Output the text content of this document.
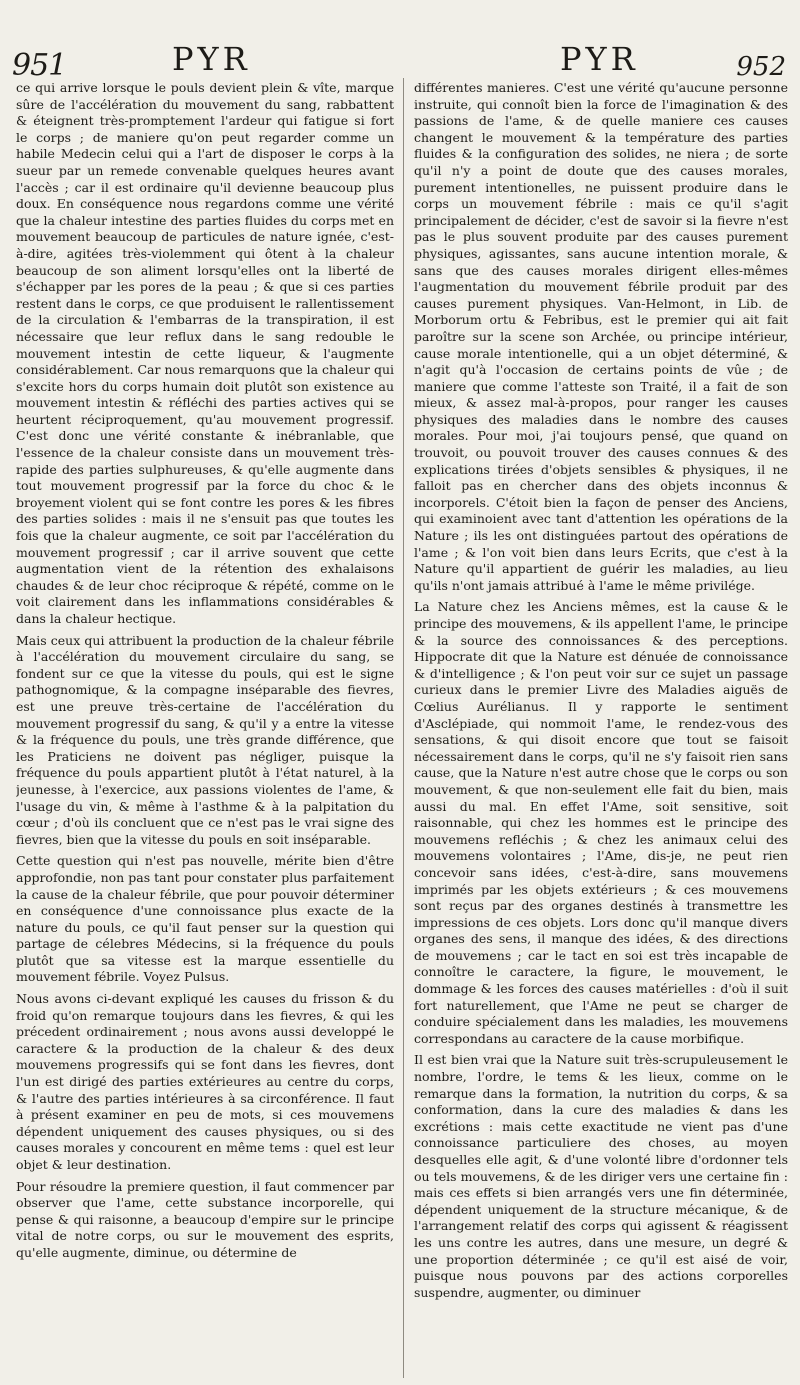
951	PYR	PYR	952

ce qui arrive lorsque le pouls devient plein & vîte, marque sûre de l'accélération du mouvement du sang, rabbattent & éteignent très-promptement l'ardeur qui fatigue si fort le corps ; de maniere qu'on peut regarder comme un habile Medecin celui qui a l'art de disposer le corps à la sueur par un remede convenable quelques heures avant l'accès ; car il est ordinaire qu'il devienne beaucoup plus doux. En conséquence nous regardons comme une vérité que la chaleur intestine des parties fluides du corps met en mouvement beaucoup de particules de nature ignée, c'est-à-dire, agitées très-violemment qui ôtent à la chaleur beaucoup de son aliment lorsqu'elles ont la liberté de s'échapper par les pores de la peau ; & que si ces parties restent dans le corps, ce que produisent le rallentissement de la circulation & l'embarras de la transpiration, il est nécessaire que leur reflux dans le sang redouble le mouvement intestin de cette liqueur, & l'augmente considérablement. Car nous remarquons que la chaleur qui s'excite hors du corps humain doit plutôt son existence au mouvement intestin & réfléchi des parties actives qui se heurtent réciproquement, qu'au mouvement progressif. C'est donc une vérité constante & inébranlable, que l'essence de la chaleur consiste dans un mouvement très-rapide des parties sulphureuses, & qu'elle augmente dans tout mouvement progressif par la force du choc & le broyement violent qui se font contre les pores & les fibres des parties solides : mais il ne s'ensuit pas que toutes les fois que la chaleur augmente, ce soit par l'accélération du mouvement progressif ; car il arrive souvent que cette augmentation vient de la rétention des exhalaisons chaudes & de leur choc réciproque & répété, comme on le voit clairement dans les inflammations considérables & dans la chaleur hectique.

Mais ceux qui attribuent la production de la chaleur fébrile à l'accélération du mouvement circulaire du sang, se fondent sur ce que la vitesse du pouls, qui est le signe pathognomique, & la compagne inséparable des fievres, est une preuve très-certaine de l'accélération du mouvement progressif du sang, & qu'il y a entre la vitesse & la fréquence du pouls, une très grande différence, que les Praticiens ne doivent pas négliger, puisque la fréquence du pouls appartient plutôt à l'état naturel, à la jeunesse, à l'exercice, aux passions violentes de l'ame, & l'usage du vin, & même à l'asthme & à la palpitation du cœur ; d'où ils concluent que ce n'est pas le vrai signe des fievres, bien que la vitesse du pouls en soit inséparable.

Cette question qui n'est pas nouvelle, mérite bien d'être approfondie, non pas tant pour constater plus parfaitement la cause de la chaleur fébrile, que pour pouvoir déterminer en conséquence d'une connoissance plus exacte de la nature du pouls, ce qu'il faut penser sur la question qui partage de célebres Médecins, si la fréquence du pouls plutôt que sa vitesse est la marque essentielle du mouvement fébrile. Voyez Pulsus.

Nous avons ci-devant expliqué les causes du frisson & du froid qu'on remarque toujours dans les fievres, & qui les précedent ordinairement ; nous avons aussi developpé le caractere & la production de la chaleur & des deux mouvemens progressifs qui se font dans les fievres, dont l'un est dirigé des parties extérieures au centre du corps, & l'autre des parties intérieures à sa circonférence. Il faut à présent examiner en peu de mots, si ces mouvemens dépendent uniquement des causes physiques, ou si des causes morales y concourent en même tems : quel est leur objet & leur destination.

Pour résoudre la premiere question, il faut commencer par observer que l'ame, cette substance incorporelle, qui pense & qui raisonne, a beaucoup d'empire sur le principe vital de notre corps, ou sur le mouvement des esprits, qu'elle augmente, diminue, ou détermine de

différentes manieres. C'est une vérité qu'aucune personne instruite, qui connoît bien la force de l'imagination & des passions de l'ame, & de quelle maniere ces causes changent le mouvement & la température des parties fluides & la configuration des solides, ne niera ; de sorte qu'il n'y a point de doute que des causes morales, purement intentionelles, ne puissent produire dans le corps un mouvement fébrile : mais ce qu'il s'agit principalement de décider, c'est de savoir si la fievre n'est pas le plus souvent produite par des causes purement physiques, agissantes, sans aucune intention morale, & sans que des causes morales dirigent elles-mêmes l'augmentation du mouvement fébrile produit par des causes purement physiques. Van-Helmont, in Lib. de Morborum ortu & Febribus, est le premier qui ait fait paroître sur la scene son Archée, ou principe intérieur, cause morale intentionelle, qui a un objet déterminé, & n'agit qu'à l'occasion de certains points de vûe ; de maniere que comme l'atteste son Traité, il a fait de son mieux, & assez mal-à-propos, pour ranger les causes physiques des maladies dans le nombre des causes morales. Pour moi, j'ai toujours pensé, que quand on trouvoit, ou pouvoit trouver des causes connues & des explications tirées d'objets sensibles & physiques, il ne falloit pas en chercher dans des objets inconnus & incorporels. C'étoit bien la façon de penser des Anciens, qui examinoient avec tant d'attention les opérations de la Nature ; ils les ont distinguées partout des opérations de l'ame ; & l'on voit bien dans leurs Ecrits, que c'est à la Nature qu'il appartient de guérir les maladies, au lieu qu'ils n'ont jamais attribué à l'ame le même privilége.

La Nature chez les Anciens mêmes, est la cause & le principe des mouvemens, & ils appellent l'ame, le principe & la source des connoissances & des perceptions. Hippocrate dit que la Nature est dénuée de connoissance & d'intelligence ; & l'on peut voir sur ce sujet un passage curieux dans le premier Livre des Maladies aiguës de Cœlius Aurélianus. Il y rapporte le sentiment d'Asclépiade, qui nommoit l'ame, le rendez-vous des sensations, & qui disoit encore que tout se faisoit nécessairement dans le corps, qu'il ne s'y faisoit rien sans cause, que la Nature n'est autre chose que le corps ou son mouvement, & que non-seulement elle fait du bien, mais aussi du mal. En effet l'Ame, soit sensitive, soit raisonnable, qui chez les hommes est le principe des mouvemens refléchis ; & chez les animaux celui des mouvemens volontaires ; l'Ame, dis-je, ne peut rien concevoir sans idées, c'est-à-dire, sans mouvemens imprimés par les objets extérieurs ; & ces mouvemens sont reçus par des organes destinés à transmettre les impressions de ces objets. Lors donc qu'il manque divers organes des sens, il manque des idées, & des directions de mouvemens ; car le tact en soi est très incapable de connoître le caractere, la figure, le mouvement, le dommage & les forces des causes matérielles : d'où il suit fort naturellement, que l'Ame ne peut se charger de conduire spécialement dans les maladies, les mouvemens correspondans au caractere de la cause morbifique.

Il est bien vrai que la Nature suit très-scrupuleusement le nombre, l'ordre, le tems & les lieux, comme on le remarque dans la formation, la nutrition du corps, & sa conformation, dans la cure des maladies & dans les excrétions : mais cette exactitude ne vient pas d'une connoissance particuliere des choses, au moyen desquelles elle agit, & d'une volonté libre d'ordonner tels ou tels mouvemens, & de les diriger vers une certaine fin : mais ces effets si bien arrangés vers une fin déterminée, dépendent uniquement de la structure mécanique, & de l'arrangement relatif des corps qui agissent & réagissent les uns contre les autres, dans une mesure, un degré & une proportion déterminée ; ce qu'il est aisé de voir, puisque nous pouvons par des actions corporelles suspendre, augmenter, ou diminuer
